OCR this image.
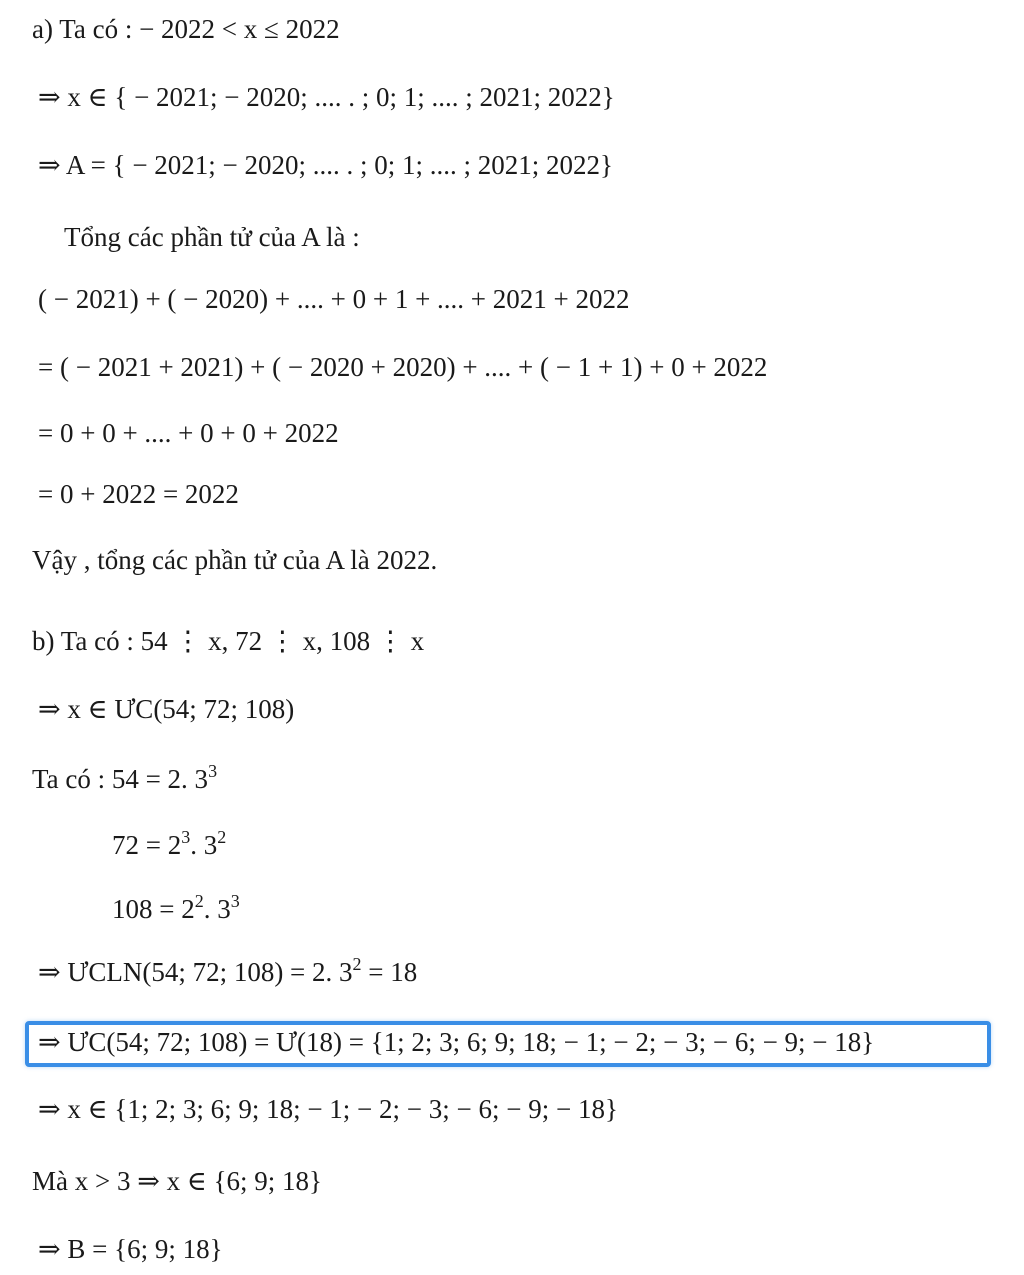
a) Ta có : − 2022 < x ≤ 2022
⇒ x ∈ { − 2021; − 2020; .... . ; 0; 1; .... ; 2021; 2022}
⇒ A = { − 2021; − 2020; .... . ; 0; 1; .... ; 2021; 2022}
Tổng các phần tử của A là :
( − 2021) + ( − 2020) + .... + 0 + 1 + .... + 2021 + 2022
= ( − 2021 + 2021) + ( − 2020 + 2020) + .... + ( − 1 + 1) + 0 + 2022
= 0 + 0 + .... + 0 + 0 + 2022
= 0 + 2022 = 2022
Vậy , tổng các phần tử của A là 2022.
b) Ta có : 54 ⋮ x, 72 ⋮ x, 108 ⋮ x
⇒ x ∈ ƯC(54; 72; 108)
Ta có : 54 = 2. $3^3$
$72 = 2^3$. $3^2$
$108 = 2^2$. $3^3$
⇒ ƯCLN(54; 72; 108) = 2. $3^2 = 18$
⇒ ƯC(54; 72; 108) = Ư(18) = {1; 2; 3; 6; 9; 18; − 1; − 2; − 3; − 6; − 9; − 18}
⇒ x ∈ {1; 2; 3; 6; 9; 18; − 1; − 2; − 3; − 6; − 9; − 18}
Mà x > 3 ⇒ x ∈ {6; 9; 18}
⇒ B = {6; 9; 18}
